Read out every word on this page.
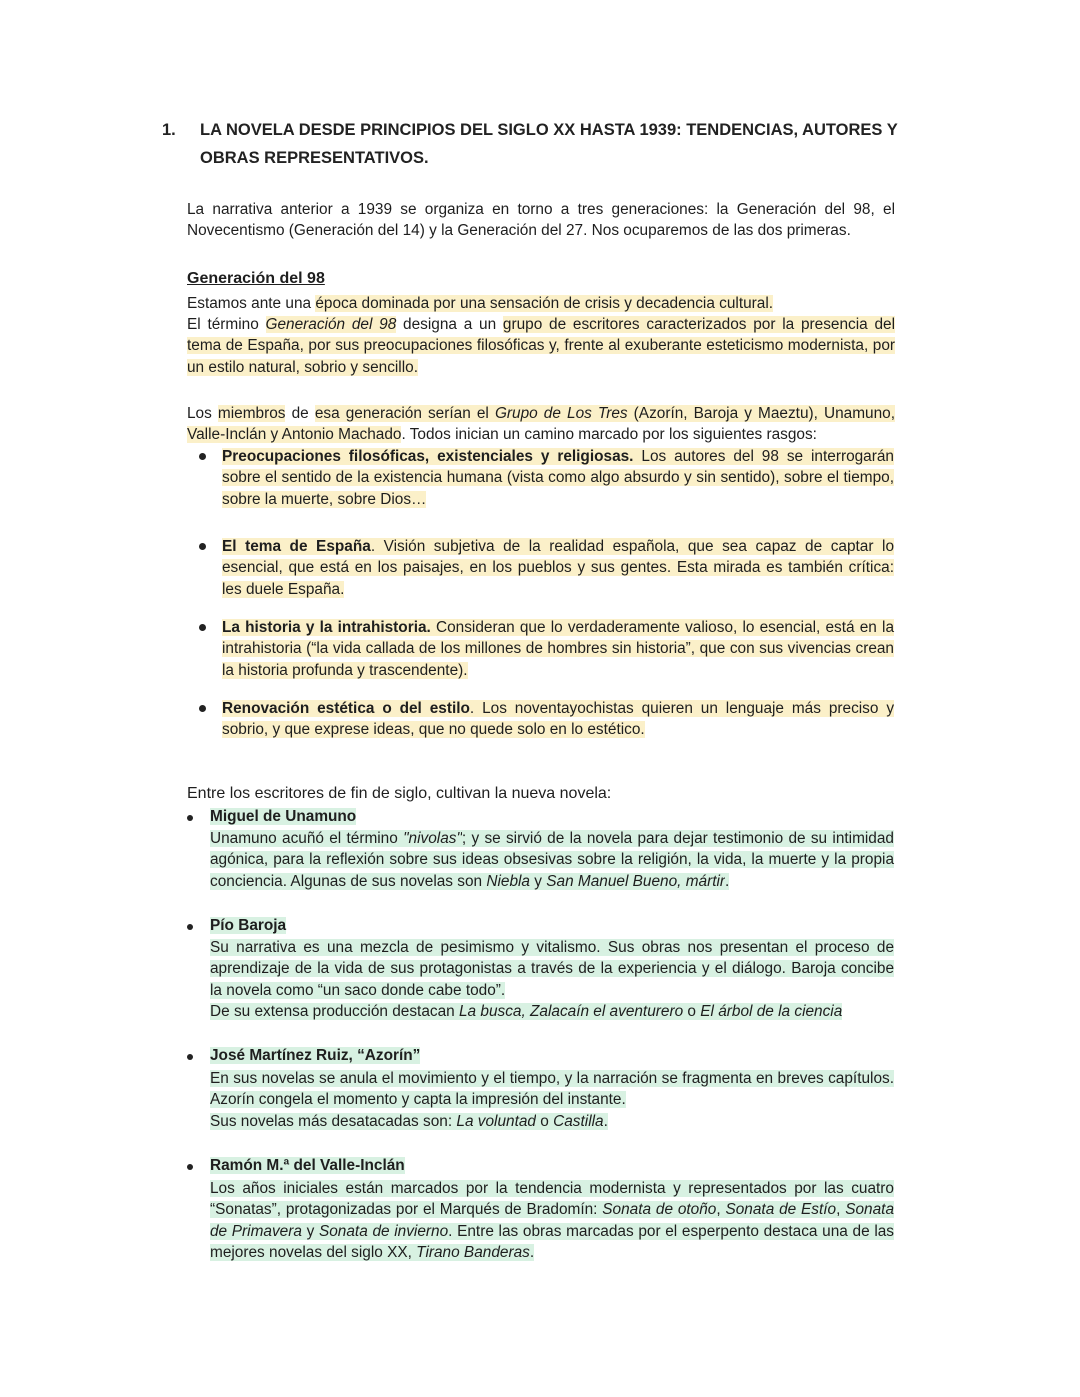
1. LA NOVELA DESDE PRINCIPIOS DEL SIGLO XX HASTA 1939: TENDENCIAS, AUTORES Y OBRAS REPRESENTATIVOS.
La narrativa anterior a 1939 se organiza en torno a tres generaciones: la Generación del 98, el Novecentismo (Generación del 14) y la Generación del 27. Nos ocuparemos de las dos primeras.
Generación del 98
Estamos ante una época dominada por una sensación de crisis y decadencia cultural.
El término Generación del 98 designa a un grupo de escritores caracterizados por la presencia del tema de España, por sus preocupaciones filosóficas y, frente al exuberante esteticismo modernista, por un estilo natural, sobrio y sencillo.
Los miembros de esa generación serían el Grupo de Los Tres (Azorín, Baroja y Maeztu), Unamuno, Valle-Inclán y Antonio Machado. Todos inician un camino marcado por los siguientes rasgos:
Preocupaciones filosóficas, existenciales y religiosas. Los autores del 98 se interrogarán sobre el sentido de la existencia humana (vista como algo absurdo y sin sentido), sobre el tiempo, sobre la muerte, sobre Dios…
El tema de España. Visión subjetiva de la realidad española, que sea capaz de captar lo esencial, que está en los paisajes, en los pueblos y sus gentes. Esta mirada es también crítica: les duele España.
La historia y la intrahistoria. Consideran que lo verdaderamente valioso, lo esencial, está en la intrahistoria (“la vida callada de los millones de hombres sin historia”, que con sus vivencias crean la historia profunda y trascendente).
Renovación estética o del estilo. Los noventayochistas quieren un lenguaje más preciso y sobrio, y que exprese ideas, que no quede solo en lo estético.
Entre los escritores de fin de siglo, cultivan la nueva novela:
Miguel de Unamuno
Unamuno acuñó el término "nivolas"; y se sirvió de la novela para dejar testimonio de su intimidad agónica, para la reflexión sobre sus ideas obsesivas sobre la religión, la vida, la muerte y la propia conciencia. Algunas de sus novelas son Niebla y San Manuel Bueno, mártir.
Pío Baroja
Su narrativa es una mezcla de pesimismo y vitalismo. Sus obras nos presentan el proceso de aprendizaje de la vida de sus protagonistas a través de la experiencia y el diálogo. Baroja concibe la novela como “un saco donde cabe todo”.
De su extensa producción destacan La busca, Zalacaín el aventurero o El árbol de la ciencia
José Martínez Ruiz, “Azorín”
En sus novelas se anula el movimiento y el tiempo, y la narración se fragmenta en breves capítulos. Azorín congela el momento y capta la impresión del instante.
Sus novelas más desatacadas son: La voluntad o Castilla.
Ramón M.ª del Valle-Inclán
Los años iniciales están marcados por la tendencia modernista y representados por las cuatro “Sonatas”, protagonizadas por el Marqués de Bradomín: Sonata de otoño, Sonata de Estío, Sonata de Primavera y Sonata de invierno. Entre las obras marcadas por el esperpento destaca una de las mejores novelas del siglo XX, Tirano Banderas.
